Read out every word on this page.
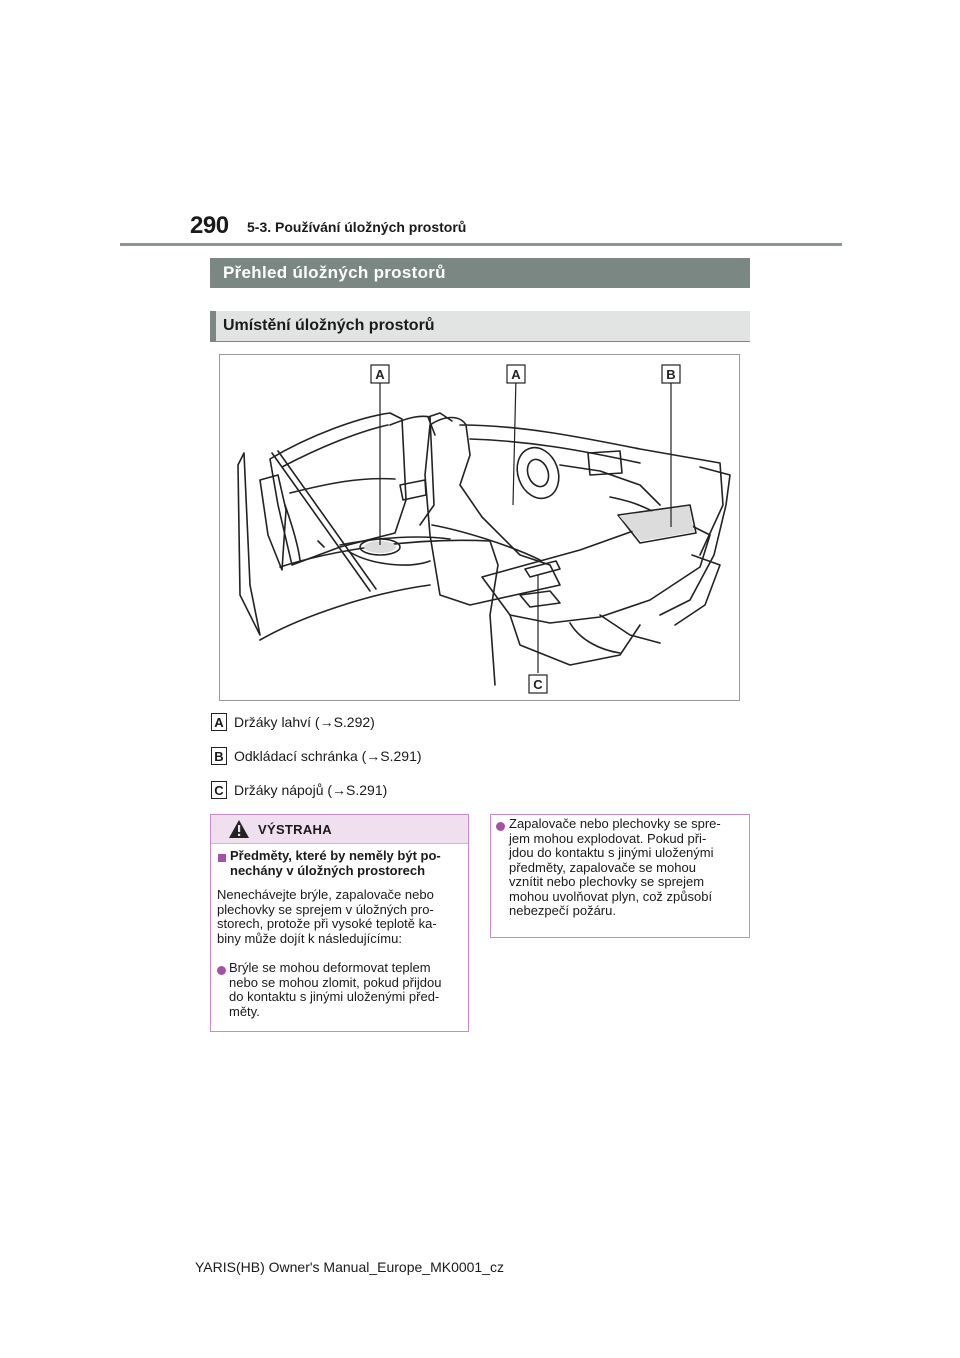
290 5-3. Používání úložných prostorů
Přehled úložných prostorů
Umístění úložných prostorů
A	A	B
C
A Držáky lahví (→S.292)
B Odkládací schránka (→S.291)
C Držáky nápojů (→S.291)
VÝSTRAHA
Předměty, které by neměly být po-
nechány v úložných prostorech
Nenechávejte brýle, zapalovače nebo
plechovky se sprejem v úložných pro-
storech, protože při vysoké teplotě ka-
biny může dojít k následujícímu:
Brýle se mohou deformovat teplem
nebo se mohou zlomit, pokud přijdou
do kontaktu s jinými uloženými před-
měty.
Zapalovače nebo plechovky se spre-
jem mohou explodovat. Pokud při-
jdou do kontaktu s jinými uloženými
předměty, zapalovače se mohou
vznítit nebo plechovky se sprejem
mohou uvolňovat plyn, což způsobí
nebezpečí požáru.
YARIS(HB) Owner's Manual_Europe_MK0001_cz
